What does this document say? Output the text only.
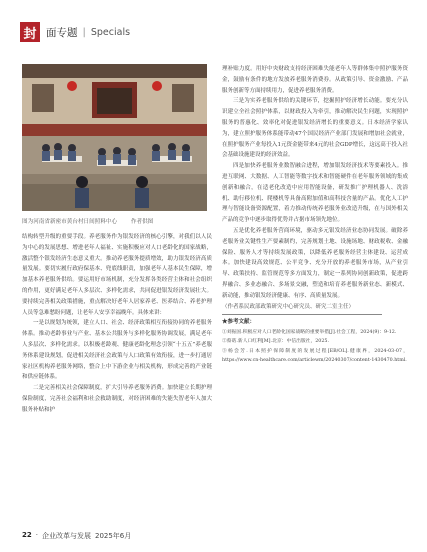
封 面专题 | Specials
图为河南省新密市黄台村日间照料中心 作者供图

结构转型升级的重要手段。养老服务作为银发经济的核心引擎，对我们以人民为中心的发展思想、增进老年人福祉、实施积极应对人口老龄化的国家战略，激活整个银发经济生态意义重大。推动养老服务提质增效，助力银发经济高质量发展。要切实履行政府保基本、兜底线职责，加强老年人基本民生保障，增加基本养老服务供给。要运用好市场机制，充分发挥各类经营主体和社会组织的作用，更好满足老年人多层次、多样化需求，共同促进银发经济发展壮大。要持续完善相关政策措施，重点解决好老年人居家养老、医养结合、养老护理人员等急难愁盼问题，让老年人安享幸福晚年。具体来讲：

一是以规划为统领，建立人口、社会、经济政策相互衔接协同的养老服务体系。推动老龄事业与产业、基本公共服务与多样化服务协调发展，满足老年人多层次、多样化需求。以积极老龄观、健康老龄化理念引领“十五五”养老服务体系建设规划，促进相关经济社会政策与人口政策有效衔接，进一步打通居家社区机构养老服务网络，整合上中下游企业与相关机构，形成完善的产业链和供应链体系。

二是完善相关社会保障制度，扩大引导养老服务消费。加快建立长期护理保险制度，完善社会福利和社会救助制度，对经济困难的失能失智老年人加大服务补贴和护

理补贴力度。用好中央财政支持经济困难失能老年人等群体集中照护服务资金，鼓励有条件的地方发放养老服务消费券。从政策引导、资金激励、产品服务创新等方面持续用力，促进养老服务消费。

三是为实养老服务供给的关键环节，挖掘照护经济增长动能。要充分认识建立全社会照护体系，以财政投入为牵引，推动解决民生问题，实现照护服务的普惠化、效率化对促进银发经济增长的重要意义。日本经济学家认为，建立照护服务体系能带动47个国民经济产业部门发展和增加社会就业，在照护服务产业每投入1元资金能带来4元的社会GDP增长，这远高于投入社会基础设施建设的经济效益。

四是加快养老服务业数智融合进程，增加银发经济技术等要素投入。推进互联网、大数据、人工智能等数字技术和智能硬件在老年服务领域的集成创新和融合，在适老化改造中应用智能设备，研发推广护理机器人、洗浴机、助行移位机、爬楼机等具备高附加值和高科技含量的产品。优化人工护理与智能设备资源配置，着力推动传统养老服务业改造升级，在与国外相关产品的竞争中逐步取得优势并占据市场领先地位。

五是优化养老服务营商环境，驱动多元银发经济业态协同发展。破除养老服务业关键性生产要素制约，完善规划土地、设施场地、财政税收、金融保险、服务人才等持续发展政策，以降低养老服务经营主体建设、运营成本。加快建设高效规范、公平竞争、充分开放的养老服务市场，从产业引导、政策扶持、监管规范等多方面发力，制定一系列协同创新政策，促进跨界融合、多业态融合、多场景交融，塑造和培育养老服务新业态、新模式、新动能，推动银发经济健康、有序、高质量发展。

（作者系民政部政策研究中心研究员、研究二室主任）

★参考文献：

①刘振国.积极应对人口老龄化国家战略的重要举措[J].社会工程，2024(9)：9-12.

②蔡昉.新人口红利[M].北京：中信出版社，2025.

③杨会芳.日本照护保障制度的发展过程[EB/OL].健康界，2024-03-07，https://www.cn-healthcare.com/articlewm/20240307/content-1430470.html.

22 · 企业改革与发展 2025年6月
